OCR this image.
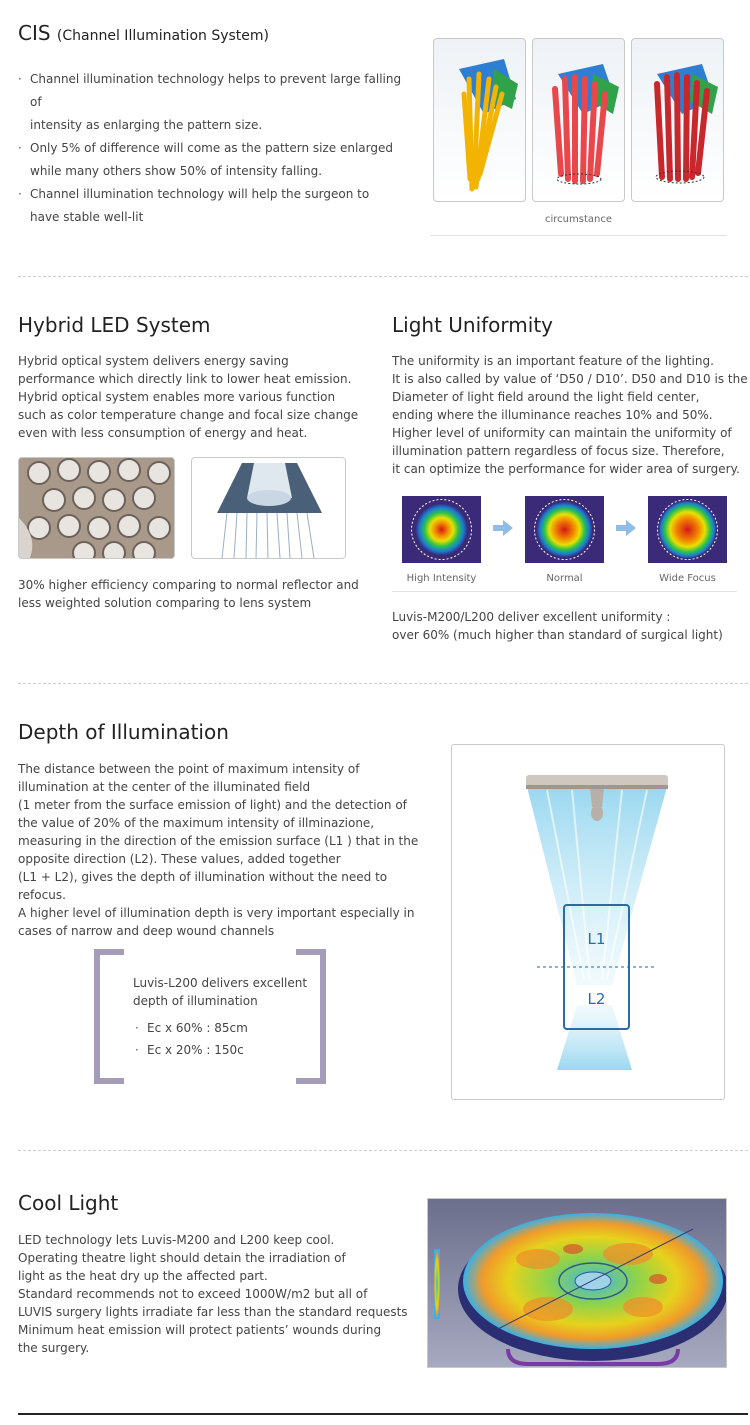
CIS (Channel Illumination System)
· Channel illumination technology helps to prevent large falling of
intensity as enlarging the pattern size.
· Only 5% of difference will come as the pattern size enlarged
while many others show 50% of intensity falling.
· Channel illumination technology will help the surgeon to
have stable well-lit	circumstance
Hybrid LED System
Hybrid optical system delivers energy saving
performance which directly link to lower heat emission.
Hybrid optical system enables more various function
such as color temperature change and focal size change
even with less consumption of energy and heat.
30% higher efficiency comparing to normal reflector and
less weighted solution comparing to lens system
Light Uniformity
The uniformity is an important feature of the lighting.
It is also called by value of ‘D50 / D10’. D50 and D10 is the
Diameter of light field around the light field center,
ending where the illuminance reaches 10% and 50%.
Higher level of uniformity can maintain the uniformity of
illumination pattern regardless of focus size. Therefore,
it can optimize the performance for wider area of surgery.
High Intensity	Normal	Wide Focus
Luvis-M200/L200 deliver excellent uniformity :
over 60% (much higher than standard of surgical light)
Depth of Illumination
The distance between the point of maximum intensity of
illumination at the center of the illuminated field
(1 meter from the surface emission of light) and the detection of
the value of 20% of the maximum intensity of illminazione,
measuring in the direction of the emission surface (L1 ) that in the
opposite direction (L2). These values, added together
(L1 + L2), gives the depth of illumination without the need to refocus.
A higher level of illumination depth is very important especially in
cases of narrow and deep wound channels
Luvis-L200 delivers excellent
depth of illumination
· Ec x 60% : 85cm
· Ec x 20% : 150c
L1
L2
Cool Light
LED technology lets Luvis-M200 and L200 keep cool.
Operating theatre light should detain the irradiation of
light as the heat dry up the affected part.
Standard recommends not to exceed 1000W/m2 but all of
LUVIS surgery lights irradiate far less than the standard requests
Minimum heat emission will protect patients’ wounds during
the surgery.
